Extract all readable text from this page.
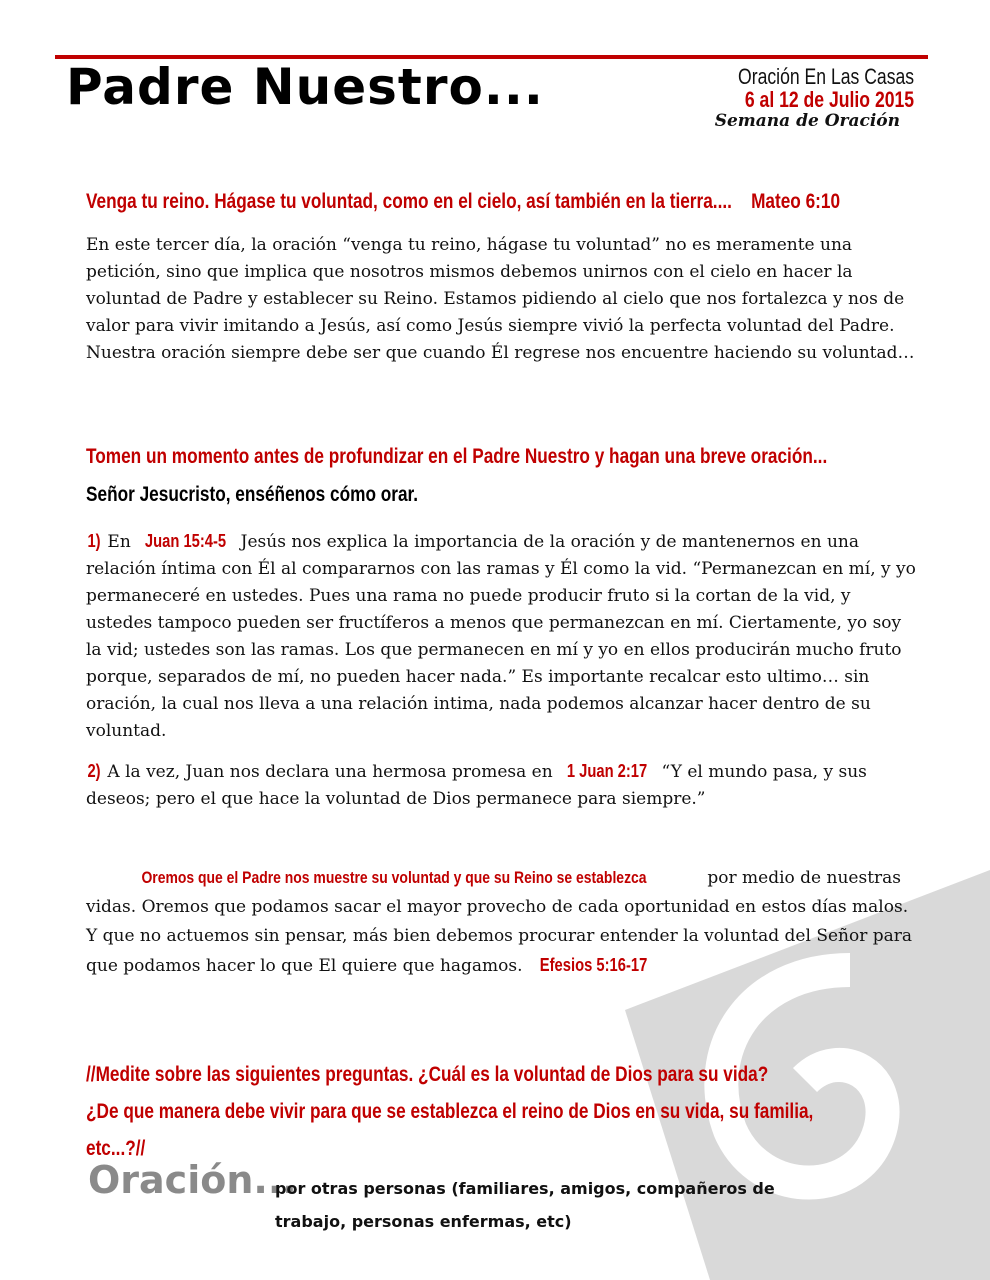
Padre Nuestro...	Oración En Las Casas
6 al 12 de Julio 2015
Semana de Oración
Venga tu reino. Hágase tu voluntad, como en el cielo, así también en la tierra.... Mateo 6:10
En este tercer día, la oración “venga tu reino, hágase tu voluntad” no es meramente una petición, sino que implica que nosotros mismos debemos unirnos con el cielo en hacer la voluntad de Padre y establecer su Reino. Estamos pidiendo al cielo que nos fortalezca y nos de valor para vivir imitando a Jesús, así como Jesús siempre vivió la perfecta voluntad del Padre. Nuestra oración siempre debe ser que cuando Él regrese nos encuentre haciendo su voluntad…
Tomen un momento antes de profundizar en el Padre Nuestro y hagan una breve oración...
Señor Jesucristo, enséñenos cómo orar.
1) En Juan 15:4-5 Jesús nos explica la importancia de la oración y de mantenernos en una relación íntima con Él al compararnos con las ramas y Él como la vid. “Permanezcan en mí, y yo permaneceré en ustedes. Pues una rama no puede producir fruto si la cortan de la vid, y ustedes tampoco pueden ser fructíferos a menos que permanezcan en mí. Ciertamente, yo soy la vid; ustedes son las ramas. Los que permanecen en mí y yo en ellos producirán mucho fruto porque, separados de mí, no pueden hacer nada.” Es importante recalcar esto ultimo… sin oración, la cual nos lleva a una relación intima, nada podemos alcanzar hacer dentro de su voluntad.
2) A la vez, Juan nos declara una hermosa promesa en 1 Juan 2:17 “Y el mundo pasa, y sus deseos; pero el que hace la voluntad de Dios permanece para siempre.”
Oremos que el Padre nos muestre su voluntad y que su Reino se establezca	por medio de nuestras vidas. Oremos que podamos sacar el mayor provecho de cada oportunidad en estos días malos. Y que no actuemos sin pensar, más bien debemos procurar entender la voluntad del Señor para que podamos hacer lo que El quiere que hagamos. Efesios 5:16-17
//Medite sobre las siguientes preguntas. ¿Cuál es la voluntad de Dios para su vida?
¿De que manera debe vivir para que se establezca el reino de Dios en su vida, su familia,
etc...?//
Oración...
por otras personas (familiares, amigos, compañeros de trabajo, personas enfermas, etc)
